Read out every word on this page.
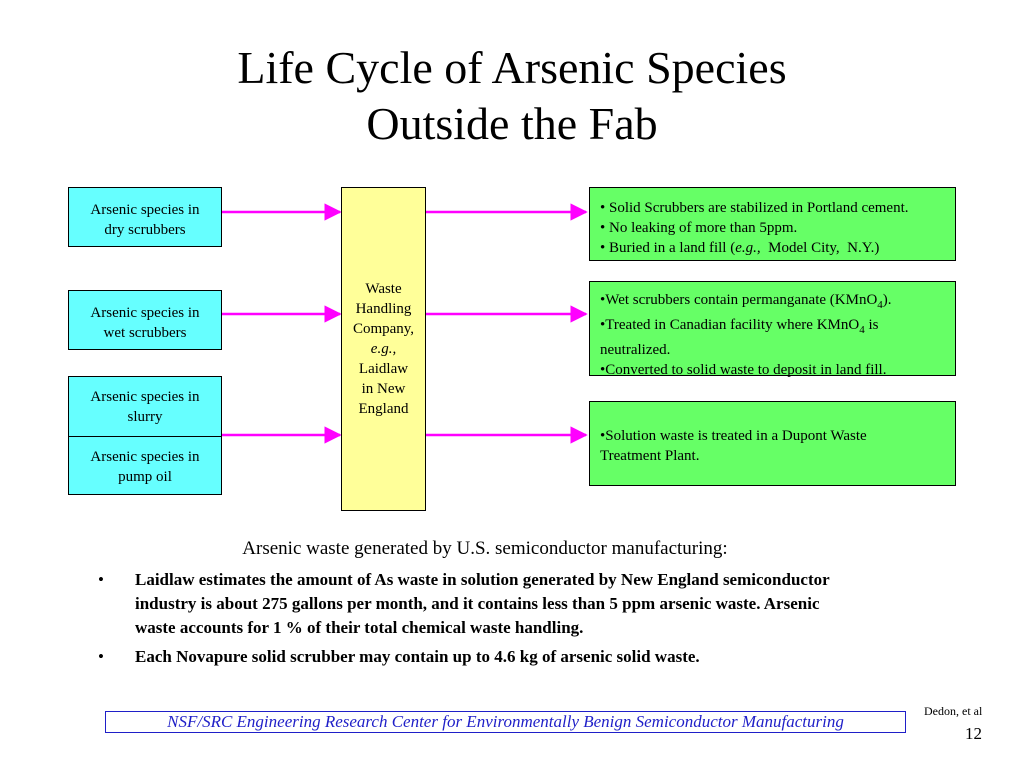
Life Cycle of Arsenic Species
Outside the Fab
Arsenic species in
dry scrubbers
Arsenic species in
wet scrubbers
Arsenic species in
slurry
Arsenic species in
pump oil
Waste
Handling
Company,
e.g.,
Laidlaw
in New
England
• Solid Scrubbers are stabilized in Portland cement.
• No leaking of more than 5ppm.
• Buried in a land fill (e.g.,  Model City,  N.Y.)
•Wet scrubbers contain permanganate (KMnO$_4$).
•Treated in Canadian facility where KMnO$_4$ is
neutralized.
•Converted to solid waste to deposit in land fill.
•Solution waste is treated in a Dupont Waste
Treatment Plant.
Arsenic waste generated by U.S. semiconductor manufacturing:
• Laidlaw estimates the amount of As waste in solution generated by New England semiconductor industry is about 275 gallons per month, and it contains less than 5 ppm arsenic waste. Arsenic waste accounts for 1 % of their total chemical waste handling.
• Each Novapure solid scrubber may contain up to 4.6 kg of arsenic solid waste.
NSF/SRC Engineering Research Center for Environmentally Benign Semiconductor Manufacturing
Dedon, et al
12
